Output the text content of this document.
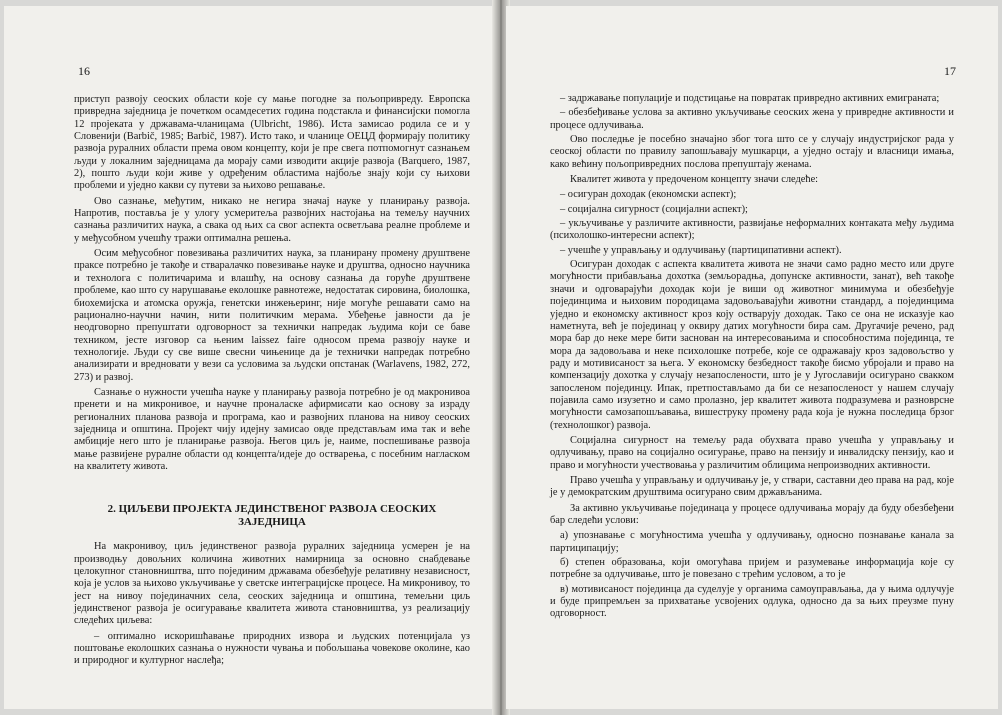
16

приступ развоју сеоских области које су мање погодне за пољопривреду. Европска привредна заједница је почетком осамдесетих година подстакла и финансијски помогла 12 пројеката у државама-чланицама (Ulbricht, 1986). Иста замисао родила се и у Словенији (Barbič, 1985; Barbič, 1987). Исто тако, и чланице ОЕЦД формирају политику развоја руралних области према овом концепту, који је пре свега потпомогнут сазнањем људи у локалним заједницама да морају сами изводити акције развоја (Barquero, 1987, 2), пошто људи који живе у одређеним областима најбоље знају који су њихови проблеми и уједно какви су путеви за њихово решавање.

Ово сазнање, међутим, никако не негира значај науке у планирању развоја. Напротив, поставља је у улогу усмеритеља развојних настојања на темељу научних сазнања различитих наука, а свака од њих са свог аспекта осветљава реалне проблеме и у међусобном учешћу тражи оптимална решења.

Осим међусобног повезивања различитих наука, за планирану промену друштвене праксе потребно је такође и стваралачко повезивање науке и друштва, односно научника и технолога с политичарима и влашћу, на основу сазнања да горуће друштвене проблеме, као што су нарушавање еколошке равнотеже, недостатак сировина, биолошка, биохемијска и атомска оружја, генетски инжењеринг, није могуће решавати само на рационално-научни начин, нити политичким мерама. Убеђење јавности да је неодговорно препуштати одговорност за технички напредак људима који се баве техником, јесте изговор са њеним laissez faire односом према развоју науке и технологије. Људи су све више свесни чињенице да је технички напредак потребно анализирати и вредновати у вези са условима за људски опстанак (Warlavens, 1982, 272, 273) и развој.

Сазнање о нужности учешћа науке у планирању развоја потребно је од макронивоа пренети и на микронивое, и научне проналаске афирмисати као основу за израду регионалних планова развоја и програма, као и развојних планова на нивоу сеоских заједница и општина. Пројект чију идејну замисао овде представљам има так и веће амбиције него што је планирање развоја. Његов циљ је, наиме, поспешивање развоја мање развијене руралне области од концепта/идеје до остварења, с посебним нагласком на квалитету живота.

2. ЦИЉЕВИ ПРОЈЕКТА ЈЕДИНСТВЕНОГ РАЗВОЈА СЕОСКИХ ЗАЈЕДНИЦА

На макронивоу, циљ јединственог развоја руралних заједница усмерен је на производњу довољних количина животних намирница за основно снабдевање целокупног становништва, што појединим државама обезбеђује релативну независност, која је услов за њихово укључивање у светске интеграцијске процесе. На микронивоу, то јест на нивоу појединачних села, сеоских заједница и општина, темељни циљ јединственог развоја је осигуравање квалитета живота становништва, уз реализацију следећих циљева:

– оптимално искоришћавање природних извора и људских потенцијала уз поштовање еколошких сазнања о нужности чувања и побољшања човекове околине, као и природног и културног наслеђа;

17

– задржавање популације и подстицање на повратак привредно активних емиграната;

– обезбеђивање услова за активно укључивање сеоских жена у привредне активности и процесе одлучивања.

Ово последње је посебно значајно због тога што се у случају индустријског рада у сеоској области по правилу запошљавају мушкарци, а уједно остају и власници имања, како већину пољопривредних послова препуштају женама.

Квалитет живота у предоченом концепту значи следеће:

– осигуран доходак (економски аспект);

– социјална сигурност (социјални аспект);

– укључивање у различите активности, развијање неформалних контаката међу људима (психолошко-интересни аспект);

– учешће у управљању и одлучивању (партиципативни аспект).

Осигуран доходак с аспекта квалитета живота не значи само радно место или друге могућности прибављања дохотка (земљорадња, допунске активности, занат), већ такође значи и одговарајући доходак који је виши од животног минимума и обезбеђује појединцима и њиховим породицама задовољавајући животни стандард, а појединцима уједно и економску активност кроз коју остварују доходак. Тако се она не исказује као наметнута, већ је појединац у оквиру датих могућности бира сам. Другачије речено, рад мора бар до неке мере бити заснован на интересовањима и способностима појединца, те мора да задовољава и неке психолошке потребе, које се одражавају кроз задовољство у раду и мотивисаност за њега. У економску безбедност такође бисмо убројали и право на компензацију дохотка у случају незапослености, што је у Југославији осигурано свакком запосленом појединцу. Ипак, претпостављамо да би се незапосленост у нашем случају појавила само изузетно и само пролазно, јер квалитет живота подразумева и разноврсне могућности самозапошљавања, вишеструку промену рада која је нужна последица брзог (технолошког) развоја.

Социјална сигурност на темељу рада обухвата право учешћа у управљању и одлучивању, право на социјално осигурање, право на пензију и инвалидску пензију, као и право и могућности учествовања у различитим облицима непроизводних активности.

Право учешћа у управљању и одлучивању је, у ствари, саставни део права на рад, које је у демократским друштвима осигурано свим држављанима.

За активно укључивање појединаца у процесе одлучивања морају да буду обезбеђени бар следећи услови:

а) упознавање с могућностима учешћа у одлучивању, односно познавање канала за партиципацију;

б) степен образовања, који омогућава пријем и разумевање информација које су потребне за одлучивање, што је повезано с трећим условом, а то је

в) мотивисаност појединца да суделује у органима самоуправљања, да у њима одлучује и буде припремљен за прихватање усвојених одлука, односно да за њих преузме пуну одговорност.
